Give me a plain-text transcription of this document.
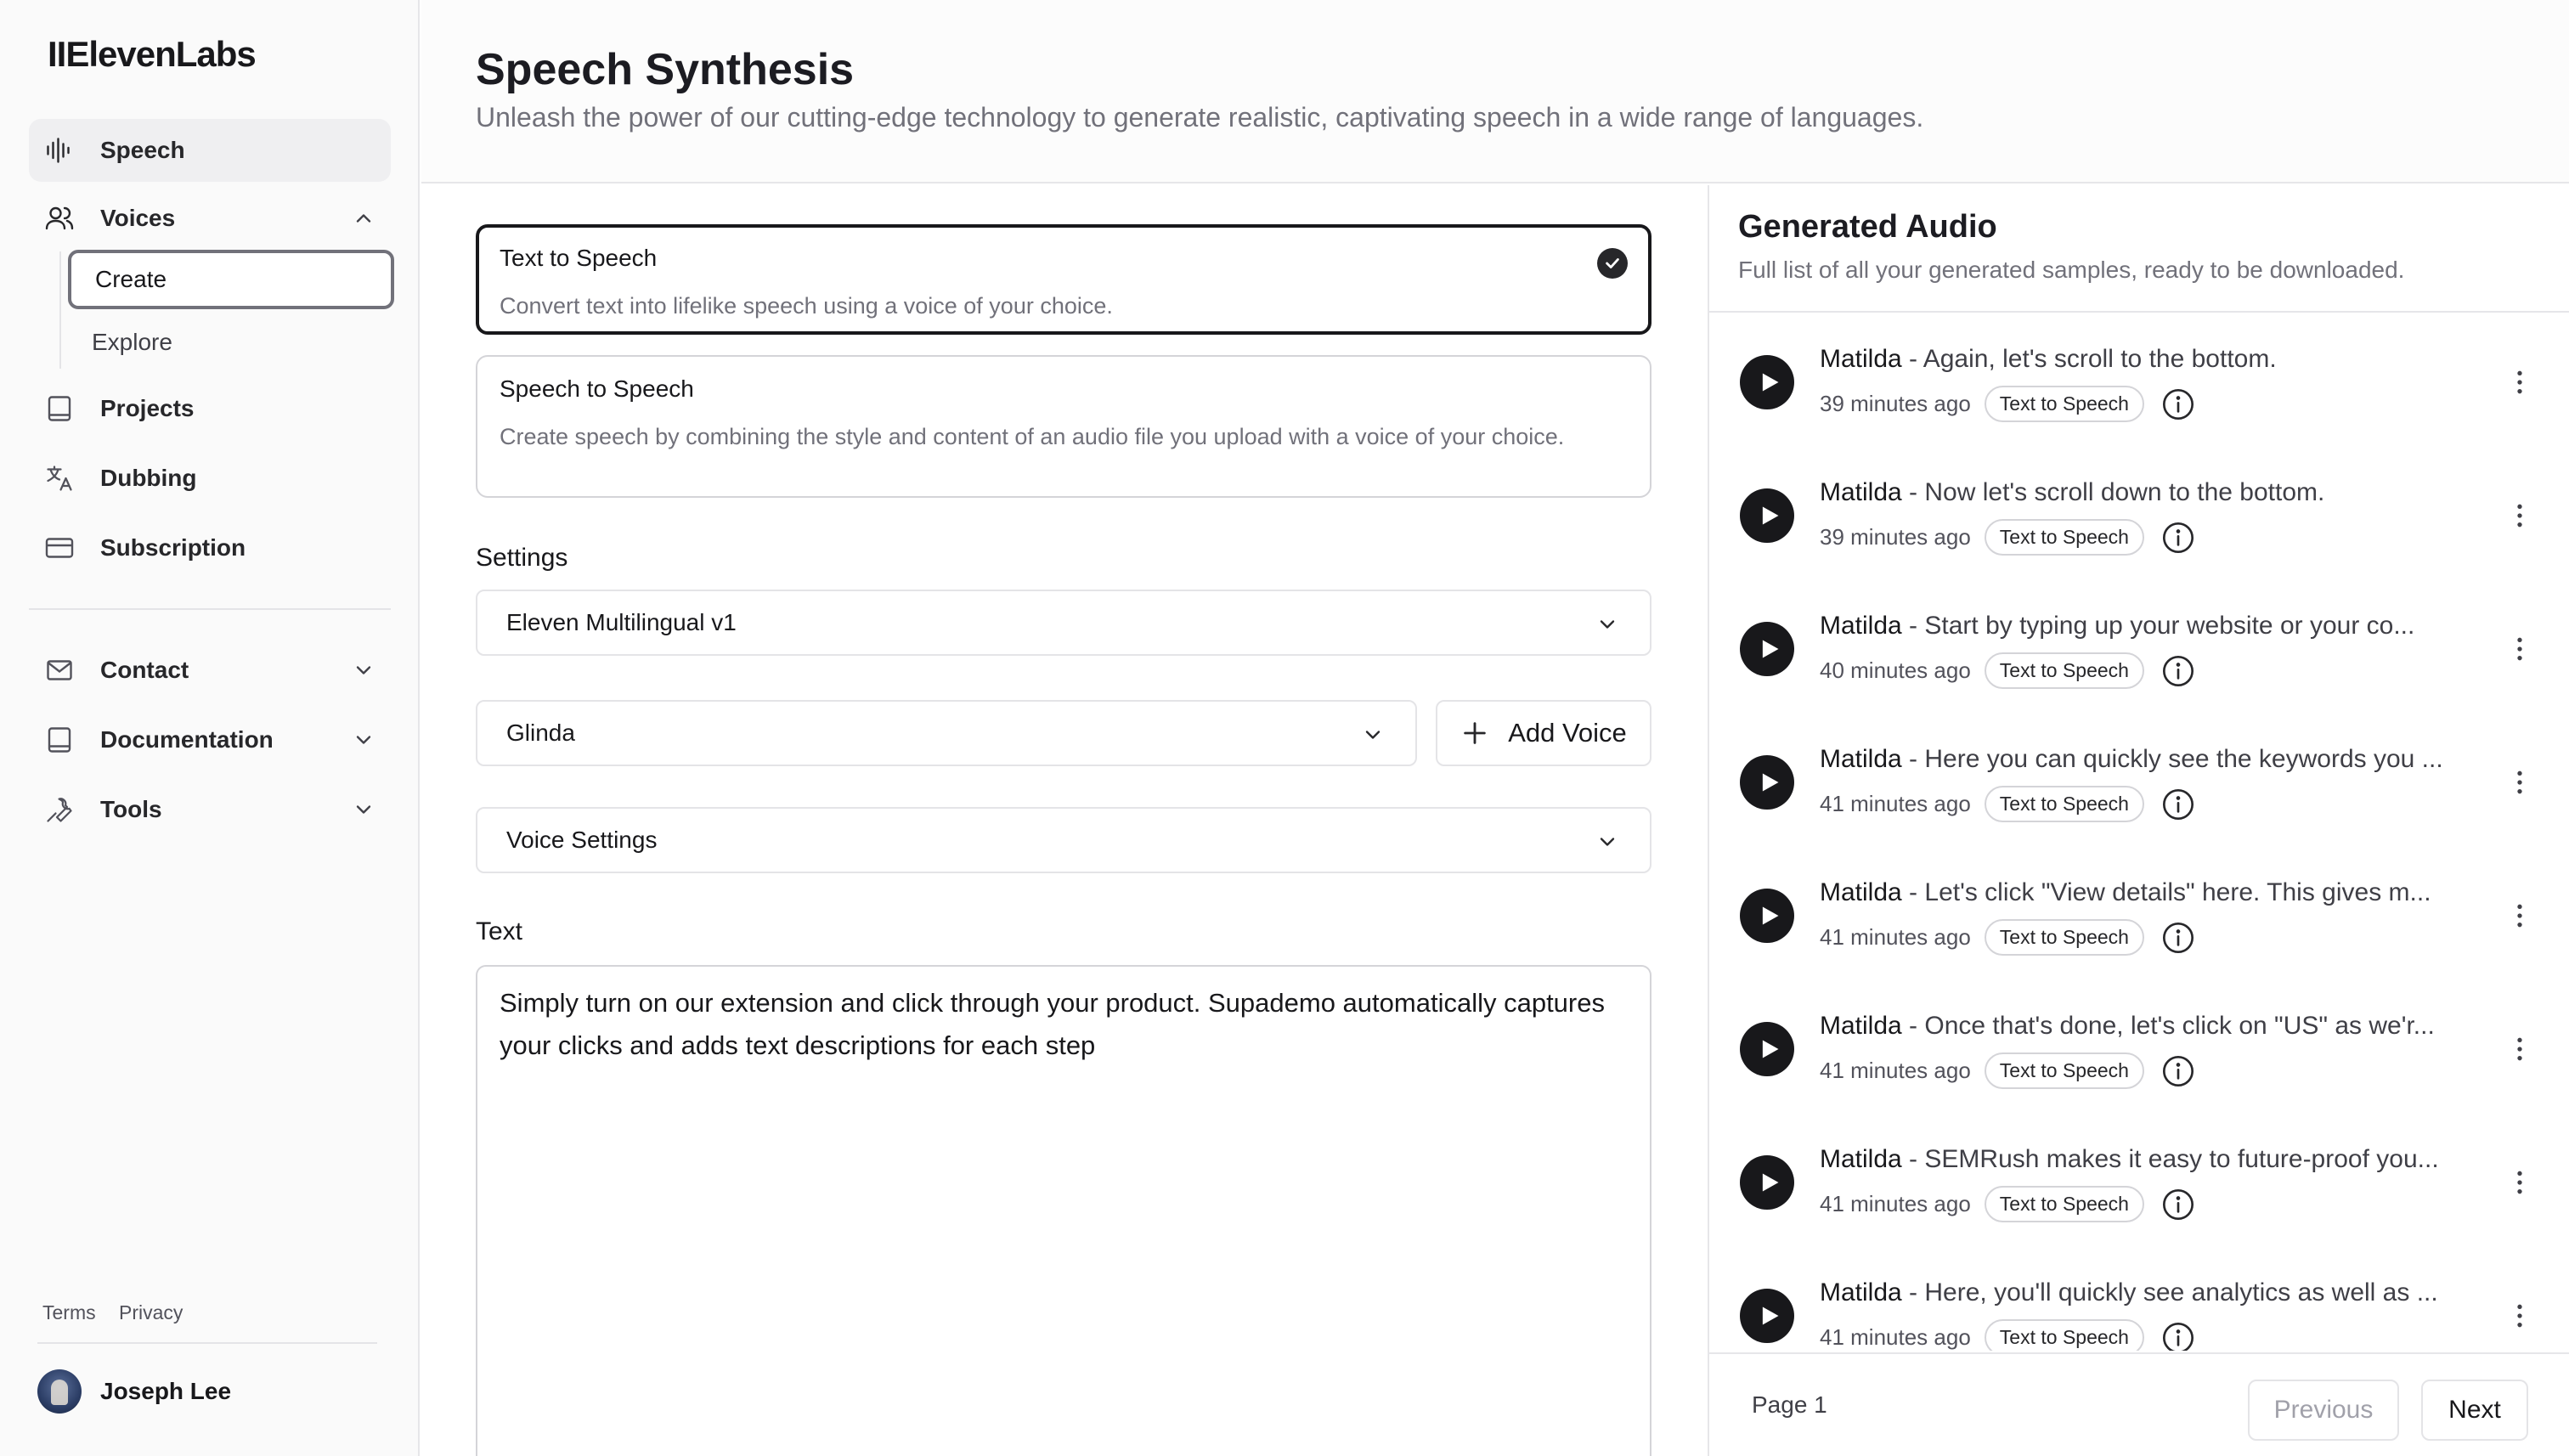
IIElevenLabs
Speech
Voices
Create
Explore
Projects
Dubbing
Subscription
Contact
Documentation
Tools
Terms Privacy
Joseph Lee
Speech Synthesis

Unleash the power of our cutting-edge technology to generate realistic, captivating speech in a wide range of languages.

Text to Speech
Convert text into lifelike speech using a voice of your choice.
Speech to Speech
Create speech by combining the style and content of an audio file you upload with a voice of your choice.
Settings
Eleven Multilingual v1
Glinda	Add Voice
Voice Settings
Text
Simply turn on our extension and click through your product. Supademo automatically captures your clicks and adds text descriptions for each step
Generated Audio

Full list of all your generated samples, ready to be downloaded.

Matilda - Again, let's scroll to the bottom.
39 minutes ago	Text to Speech
Matilda - Now let's scroll down to the bottom.
39 minutes ago	Text to Speech
Matilda - Start by typing up your website or your co...
40 minutes ago	Text to Speech
Matilda - Here you can quickly see the keywords you ...
41 minutes ago	Text to Speech
Matilda - Let's click "View details" here. This gives m...
41 minutes ago	Text to Speech
Matilda - Once that's done, let's click on "US" as we'r...
41 minutes ago	Text to Speech
Matilda - SEMRush makes it easy to future-proof you...
41 minutes ago	Text to Speech
Matilda - Here, you'll quickly see analytics as well as ...
41 minutes ago	Text to Speech
Page 1	Previous	Next
